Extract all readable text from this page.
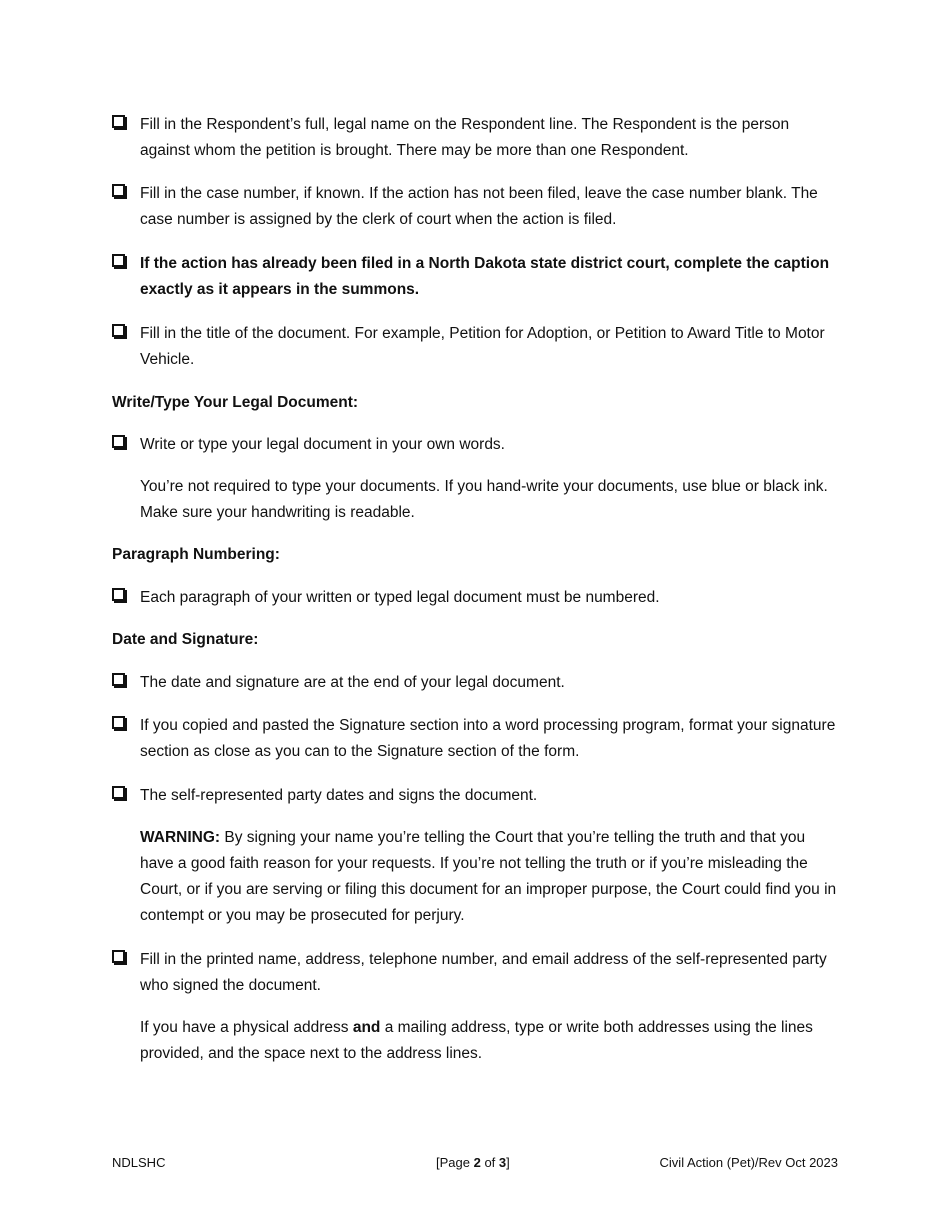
Fill in the Respondent’s full, legal name on the Respondent line. The Respondent is the person against whom the petition is brought. There may be more than one Respondent.
Fill in the case number, if known. If the action has not been filed, leave the case number blank. The case number is assigned by the clerk of court when the action is filed.
If the action has already been filed in a North Dakota state district court, complete the caption exactly as it appears in the summons.
Fill in the title of the document. For example, Petition for Adoption, or Petition to Award Title to Motor Vehicle.
Write/Type Your Legal Document:
Write or type your legal document in your own words.
You’re not required to type your documents. If you hand-write your documents, use blue or black ink. Make sure your handwriting is readable.
Paragraph Numbering:
Each paragraph of your written or typed legal document must be numbered.
Date and Signature:
The date and signature are at the end of your legal document.
If you copied and pasted the Signature section into a word processing program, format your signature section as close as you can to the Signature section of the form.
The self-represented party dates and signs the document.
WARNING: By signing your name you’re telling the Court that you’re telling the truth and that you have a good faith reason for your requests. If you’re not telling the truth or if you’re misleading the Court, or if you are serving or filing this document for an improper purpose, the Court could find you in contempt or you may be prosecuted for perjury.
Fill in the printed name, address, telephone number, and email address of the self-represented party who signed the document.
If you have a physical address and a mailing address, type or write both addresses using the lines provided, and the space next to the address lines.
NDLSHC	[Page 2 of 3]	Civil Action (Pet)/Rev Oct 2023
